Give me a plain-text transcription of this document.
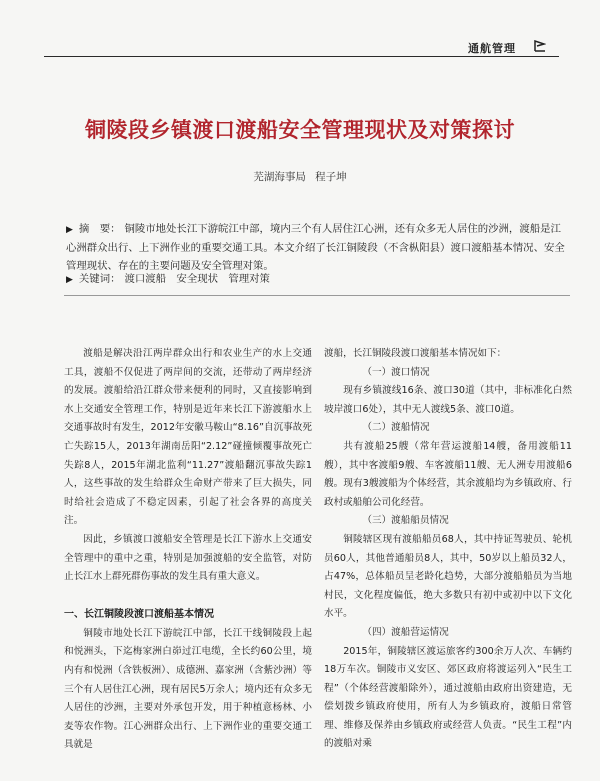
通航管理
铜陵段乡镇渡口渡船安全管理现状及对策探讨
芜湖海事局 程子坤
▶ 摘　要： 铜陵市地处长江下游皖江中部，境内三个有人居住江心洲，还有众多无人居住的沙洲，渡船是江心洲群众出行、上下洲作业的重要交通工具。本文介绍了长江铜陵段（不含枞阳县）渡口渡船基本情况、安全管理现状、存在的主要问题及安全管理对策。
▶ 关键词： 渡口渡船　安全现状　管理对策

渡船是解决沿江两岸群众出行和农业生产的水上交通工具，渡船不仅促进了两岸间的交流，还带动了两岸经济的发展。渡船给沿江群众带来便利的同时，又直接影响到水上交通安全管理工作，特别是近年来长江下游渡船水上交通事故时有发生，2012年安徽马鞍山“8.16”自沉事故死亡失踪15人，2013年湖南岳阳“2.12”碰撞倾覆事故死亡失踪8人，2015年湖北监利“11.27”渡船翻沉事故失踪1人，这些事故的发生给群众生命财产带来了巨大损失，同时给社会造成了不稳定因素，引起了社会各界的高度关注。

因此，乡镇渡口渡船安全管理是长江下游水上交通安全管理中的重中之重，特别是加强渡船的安全监管，对防止长江水上群死群伤事故的发生具有重大意义。

一、长江铜陵段渡口渡船基本情况

铜陵市地处长江下游皖江中部，长江干线铜陵段上起和悦洲头，下迄梅家洲白峁过江电缆，全长约60公里，境内有和悦洲（含铁板洲）、成德洲、嘉家洲（含紫沙洲）等三个有人居住江心洲，现有居民5万余人；境内还有众多无人居住的沙洲，主要对外承包开发，用于种植意杨林、小麦等农作物。江心洲群众出行、上下洲作业的重要交通工具就是

渡船，长江铜陵段渡口渡船基本情况如下：

（一）渡口情况

现有乡镇渡线16条、渡口30道（其中，非标准化白然坡岸渡口6处），其中无人渡线5条、渡口0道。

（二）渡船情况

共有渡船25艘（常年营运渡船14艘，备用渡船11艘），其中客渡船9艘、车客渡船11艘、无人洲专用渡船6艘。现有3艘渡船为个体经营，其余渡船均为乡镇政府、行政村或船舶公司化经营。

（三）渡船船员情况

铜陵辖区现有渡船船员68人，其中持证驾驶员、轮机员60人，其他普通船员8人，其中，50岁以上船员32人，占47%，总体船员呈老龄化趋势，大部分渡船船员为当地村民，文化程度偏低，绝大多数只有初中或初中以下文化水平。

（四）渡船营运情况

2015年，铜陵辖区渡运旅客约300余万人次、车辆约18万车次。铜陵市义安区、郊区政府将渡运列入“民生工程”（个体经营渡船除外），通过渡船由政府出资建造，无偿划拨乡镇政府使用，所有人为乡镇政府，渡船日常管理、维修及保养由乡镇政府或经营人负责。“民生工程”内的渡船对乘
